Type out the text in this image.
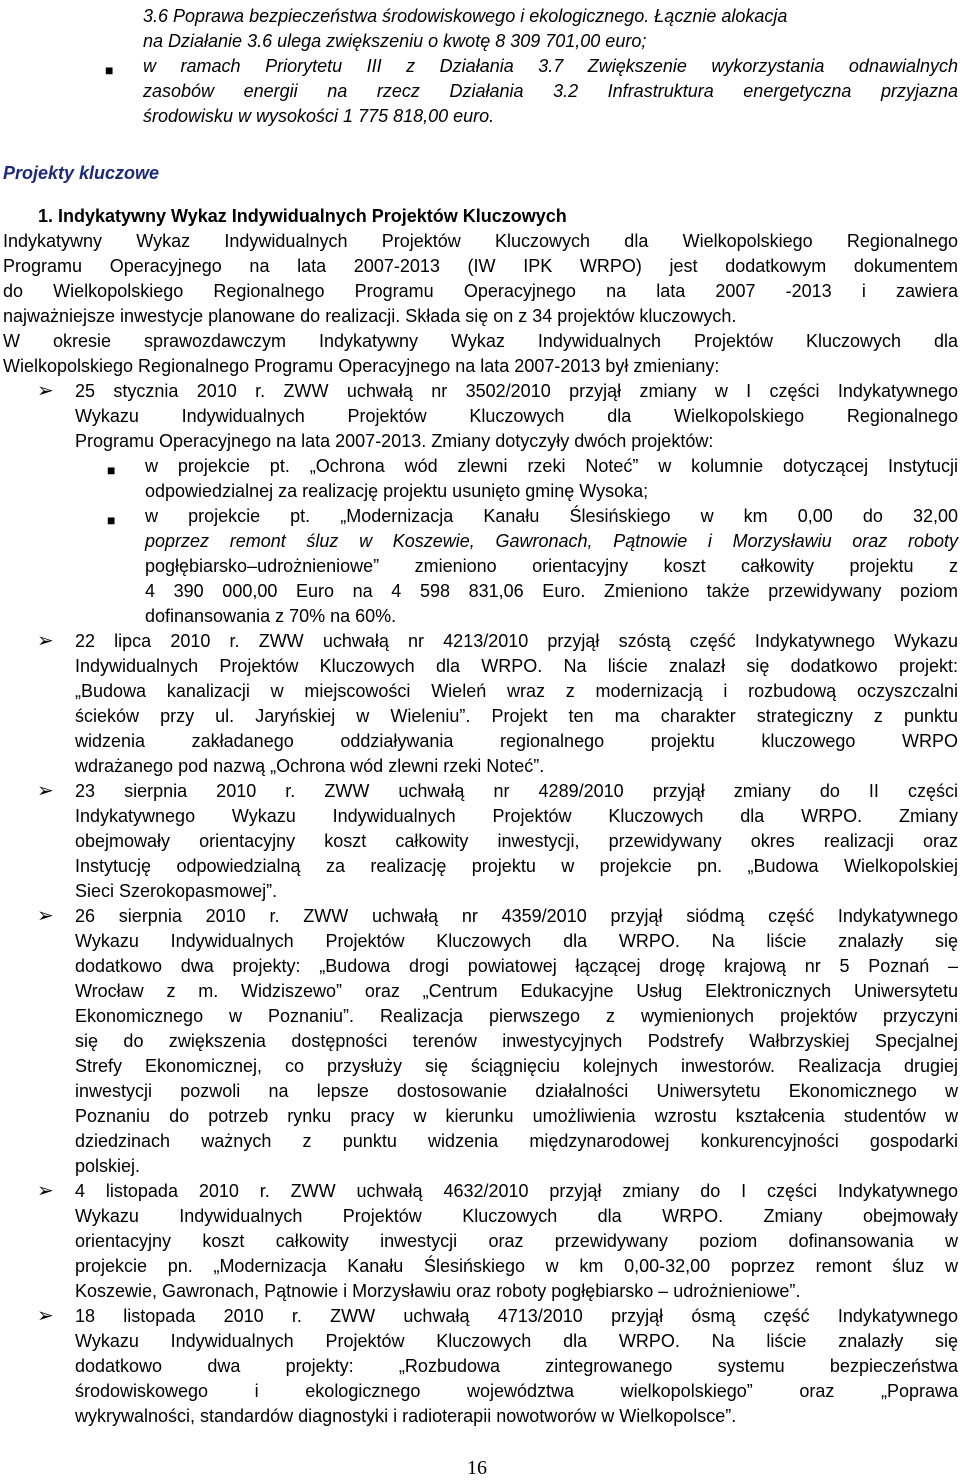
3.6 Poprawa bezpieczeństwa środowiskowego i ekologicznego. Łącznie alokacja
na Działanie 3.6 ulega zwiększeniu o kwotę 8 309 701,00 euro;
■ w ramach Priorytetu III z Działania 3.7 Zwiększenie wykorzystania odnawialnych
zasobów energii na rzecz Działania 3.2 Infrastruktura energetyczna przyjazna
środowisku w wysokości 1 775 818,00 euro.
Projekty kluczowe
1. Indykatywny Wykaz Indywidualnych Projektów Kluczowych
Indykatywny Wykaz Indywidualnych Projektów Kluczowych dla Wielkopolskiego Regionalnego
Programu Operacyjnego na lata 2007-2013 (IW IPK WRPO) jest dodatkowym dokumentem
do Wielkopolskiego Regionalnego Programu Operacyjnego na lata 2007 -2013 i zawiera
najważniejsze inwestycje planowane do realizacji. Składa się on z 34 projektów kluczowych.
W okresie sprawozdawczym Indykatywny Wykaz Indywidualnych Projektów Kluczowych dla
Wielkopolskiego Regionalnego Programu Operacyjnego na lata 2007-2013 był zmieniany:
➢ 25 stycznia 2010 r. ZWW uchwałą nr 3502/2010 przyjął zmiany w I części Indykatywnego
Wykazu Indywidualnych Projektów Kluczowych dla Wielkopolskiego Regionalnego
Programu Operacyjnego na lata 2007-2013. Zmiany dotyczyły dwóch projektów:
■ w projekcie pt. „Ochrona wód zlewni rzeki Noteć” w kolumnie dotyczącej Instytucji
odpowiedzialnej za realizację projektu usunięto gminę Wysoka;
■ w projekcie pt. „Modernizacja Kanału Ślesińskiego w km 0,00 do 32,00
poprzez remont śluz w Koszewie, Gawronach, Pątnowie i Morzysławiu oraz roboty
pogłębiarsko–udrożnieniowe” zmieniono orientacyjny koszt całkowity projektu z
4 390 000,00 Euro na 4 598 831,06 Euro. Zmieniono także przewidywany poziom
dofinansowania z 70% na 60%.
➢ 22 lipca 2010 r. ZWW uchwałą nr 4213/2010 przyjął szóstą część Indykatywnego Wykazu
Indywidualnych Projektów Kluczowych dla WRPO. Na liście znalazł się dodatkowo projekt:
„Budowa kanalizacji w miejscowości Wieleń wraz z modernizacją i rozbudową oczyszczalni
ścieków przy ul. Jaryńskiej w Wieleniu”. Projekt ten ma charakter strategiczny z punktu
widzenia zakładanego oddziaływania regionalnego projektu kluczowego WRPO
wdrażanego pod nazwą „Ochrona wód zlewni rzeki Noteć”.
➢ 23 sierpnia 2010 r. ZWW uchwałą nr 4289/2010 przyjął zmiany do II części
Indykatywnego Wykazu Indywidualnych Projektów Kluczowych dla WRPO. Zmiany
obejmowały orientacyjny koszt całkowity inwestycji, przewidywany okres realizacji oraz
Instytucję odpowiedzialną za realizację projektu w projekcie pn. „Budowa Wielkopolskiej
Sieci Szerokopasmowej”.
➢ 26 sierpnia 2010 r. ZWW uchwałą nr 4359/2010 przyjął siódmą część Indykatywnego
Wykazu Indywidualnych Projektów Kluczowych dla WRPO. Na liście znalazły się
dodatkowo dwa projekty: „Budowa drogi powiatowej łączącej drogę krajową nr 5 Poznań –
Wrocław z m. Widziszewo” oraz „Centrum Edukacyjne Usług Elektronicznych Uniwersytetu
Ekonomicznego w Poznaniu”. Realizacja pierwszego z wymienionych projektów przyczyni
się do zwiększenia dostępności terenów inwestycyjnych Podstrefy Wałbrzyskiej Specjalnej
Strefy Ekonomicznej, co przysłuży się ściągnięciu kolejnych inwestorów. Realizacja drugiej
inwestycji pozwoli na lepsze dostosowanie działalności Uniwersytetu Ekonomicznego w
Poznaniu do potrzeb rynku pracy w kierunku umożliwienia wzrostu kształcenia studentów w
dziedzinach ważnych z punktu widzenia międzynarodowej konkurencyjności gospodarki
polskiej.
➢ 4 listopada 2010 r. ZWW uchwałą 4632/2010 przyjął zmiany do I części Indykatywnego
Wykazu Indywidualnych Projektów Kluczowych dla WRPO. Zmiany obejmowały
orientacyjny koszt całkowity inwestycji oraz przewidywany poziom dofinansowania w
projekcie pn. „Modernizacja Kanału Ślesińskiego w km 0,00-32,00 poprzez remont śluz w
Koszewie, Gawronach, Pątnowie i Morzysławiu oraz roboty pogłębiarsko – udrożnieniowe”.
➢ 18 listopada 2010 r. ZWW uchwałą 4713/2010 przyjął ósmą część Indykatywnego
Wykazu Indywidualnych Projektów Kluczowych dla WRPO. Na liście znalazły się
dodatkowo dwa projekty: „Rozbudowa zintegrowanego systemu bezpieczeństwa
środowiskowego i ekologicznego województwa wielkopolskiego” oraz „Poprawa
wykrywalności, standardów diagnostyki i radioterapii nowotworów w Wielkopolsce”.
16
